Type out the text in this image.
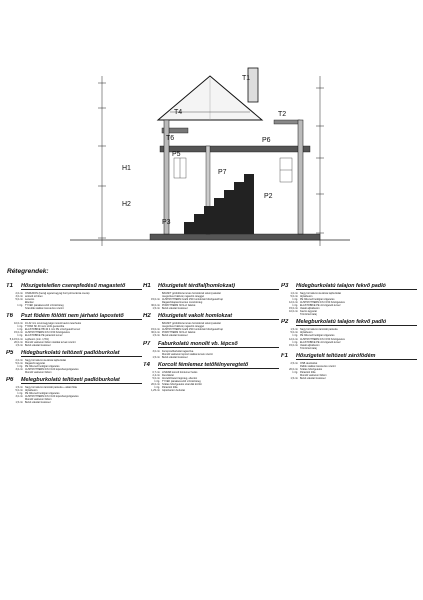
T1
T2
T4
T6	P6
P7
P5
H1
H2
P2
P3
Rétegrendek:
T1	Hőszigeteletlen cserepfedésű magastető
2,0 cm ONDURON (bezaj) égetett agyag hornyolt kerámia cserép
3,0 cm antracit színben
5,0 cm Lécezés
Ellenléc
1 rtg. TYVEK páraáteresztő vízzáróréteg
Szarufák statikai méretezés szerint
T6	Pszt födém fölötti nem járható lapostető
10,0 cm 16-32 mm szemnagyságú mosott kavics leterhelés
1 rtg. TYPAR SF 40 nem szőtt geotextília
1 rtg. ELASTOBIKE HB 40 4 mm PE vízszigetelő lemez
15,0 cm AUSTROTHERM AT-N 150 hőszigetelés
1 rtg. ELASTOBIKE PE párazáró lemez
5,0-15,0 cm Lejtbeton (min. 1,5%)
20,0 cm Monolit vasbeton födém statikai tervek szerint
1,5 cm Belső vakolat festéssel
P5	Hidegburkolatú teltözeti padlóburkolat
2,0 cm Nagy formátumú kerámia lapburkolat
5,0 cm Ragasztó ágyazat
1 rtg. PE fólia technológiai szigetelés
3,0 cm AUSTROTHERM AT-N 100 lépéshangszigetelés
Monolit vasbeton födém
P6	Melegburkolatú teltözeti padlóburkolat
1,5 cm Nagy formátumú laminált parketta + alátét fólia
5,0 cm Aljzatbeton
1 rtg. PE fólia technológiai szigetelés
3,0 cm AUSTROTHERM AT-N 100 lépéshangszigetelés
Monolit vasbeton födém
1,5 cm Belső vakolat festéssel
H1	Hőszigetelt térdfal(homlokzat)
BAUMIT gördülőszemcsés homlokzati vékonyvakolat
üvegszövet hálóval, ragasztó réteggel
15,0 cm AUSTROTHERM Grafit 150 homlokzati hőszigetelő lap
Ragasztótapaszmentes csúszóréteg
30,0 cm POROTHERM 30 N+F falazat
1,5 cm Belső vakolat festéssel
H2	Hőszigetelt vakolt homlokzat
BAUMIT gördülőszemcsés homlokzati vékonyvakolat
üvegszövet hálóval, ragasztó réteggel
15,0 cm AUSTROTHERM Grafit 150 homlokzati hőszigetelő lap
30,0 cm POROTHERM 30 N+F falazat
1,5 cm Belső vakolat festéssel
P7	Faburkolatú monolit vb. lépcső
3,0 cm Fa lépcsőburkolat ragasztva
Monolit vasbeton lépcső statikai tervek szerint
1,5 cm Belső vakolat festéssel
T4	Korcolt fémlemez tetőfélnyeregtető
0,7 cm LINDAB korcolt fémlemez fedés
2,4 cm Deszkázat
5,0 cm Átszellőztetett légréteg, ellenléc
1 rtg. TYVEK páraáteresztő vízzáróréteg
20,0 cm Szálas hőszigetelés szarufák között
1 rtg. Párazáró fólia
1,25 cm Gipszkarton burkolat
P3	Hidegburkolatú talajon fekvő padló
1,0 cm Nagy formátumú kerámia lapburkolat
5,0 cm Aljzatbeton
1 rtg. PE fólia technológiai szigetelés
12,0 cm AUSTROTHERM AT-N 150 hőszigetelés
1 rtg. ELASTOBIKE PE vízszigetelő lemez
15,0 cm Vasalt aljzatbeton
10,0 cm Kavics ágyazat
Tömörített talaj
P2	Melegburkolatú talajon fekvő padló
1,5 cm Nagy formátumú laminált parketta
5,0 cm Aljzatbeton
1 rtg. PE fólia technológiai szigetelés
12,0 cm AUSTROTHERM AT-N 150 hőszigetelés
1 rtg. ELASTOBIKE PE vízszigetelő lemez
15,0 cm Vasalt aljzatbeton
Tömörített talaj
F1	Hőszigetelt teltözeti zárófödém
2,5 cm OSB deszkázat
Pallók statikai méretezés szerint
20,0 cm Szálas hőszigetelés
1 rtg. Párazáró fólia
Monolit vasbeton födém
1,5 cm Belső vakolat festéssel
